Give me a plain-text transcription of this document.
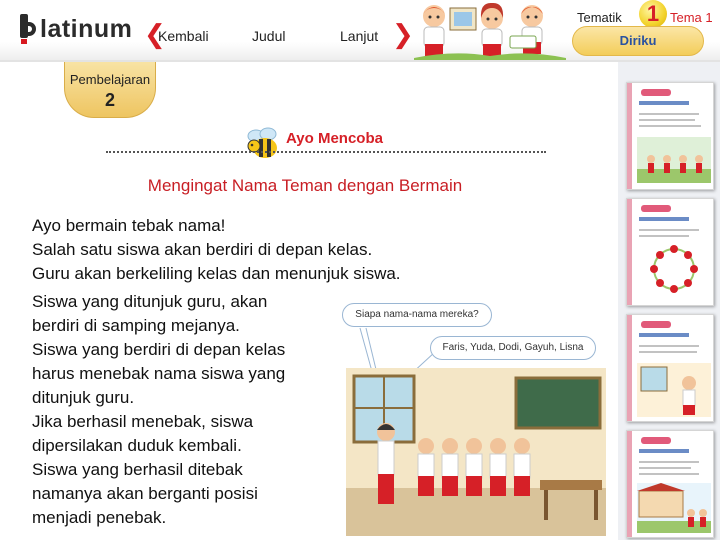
latinum ❮
Kembali	Judul	Lanjut ❯
Tematik	1 Tema 1
Diriku
Pembelajaran
2
Ayo Mencoba
Mengingat Nama Teman dengan Bermain
Ayo bermain tebak nama!
Salah satu siswa akan berdiri di depan kelas.
Guru akan berkeliling kelas dan menunjuk siswa.
Siswa yang ditunjuk guru, akan
berdiri di samping mejanya.
Siswa yang berdiri di depan kelas
harus menebak nama siswa yang
ditunjuk guru.
Jika berhasil menebak, siswa
dipersilakan duduk kembali.
Siswa yang berhasil ditebak
namanya akan berganti posisi
menjadi penebak.
Siapa nama-nama mereka?
Faris, Yuda, Dodi, Gayuh, Lisna
